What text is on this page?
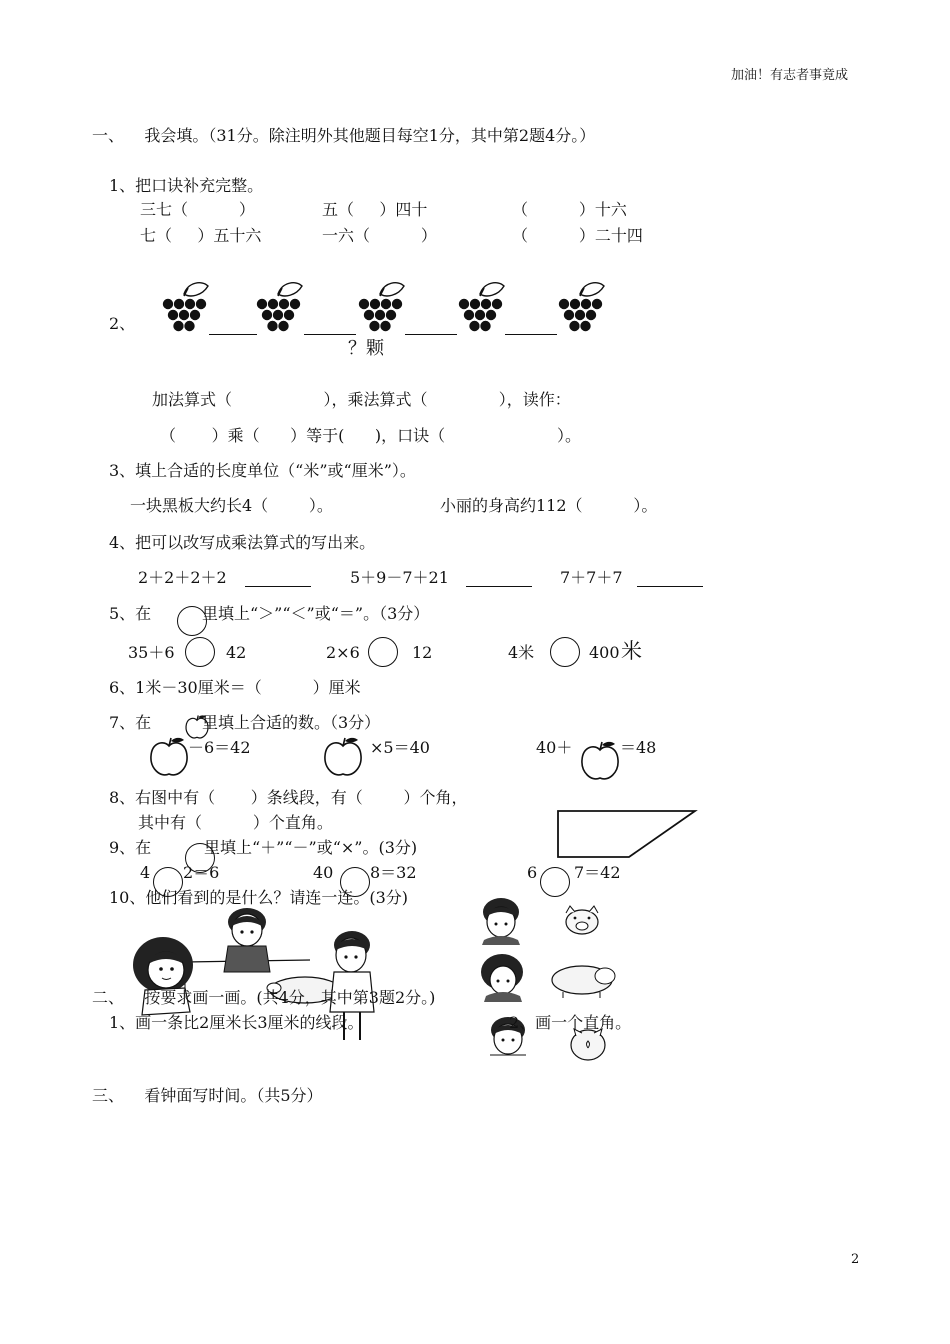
加油！有志者事竟成
一、    我会填。（31分。除注明外其他题目每空1分，其中第2题4分。）
1、把口诀补充完整。
三七（          ）	五（     ）四十	（          ）十六
七（     ）五十六	一六（          ）	（          ）二十四
2、
？颗
加法算式（                  ），乘法算式（              ），读作：
（       ）乘（      ）等于(      )，口诀（                      ）。
3、填上合适的长度单位（“米”或“厘米”）。
一块黑板大约长4（        ）。	小丽的身高约112（          ）。
4、把可以改写成乘法算式的写出来。
2＋2＋2＋2	5＋9－7＋21	7＋7＋7
5、在	里填上“＞”“＜”或“＝”。（3分）
35＋6	42	2×6	12	4米	400 米
6、1米－30厘米＝（          ）厘米
7、在	里填上合适的数。（3分）
－6＝42	×5＝40	40＋	＝48
8、右图中有（       ）条线段，有（        ）个角，
其中有（          ）个直角。
9、在	里填上“＋”“－”或“×”。(3分)
4 2＝6	40 8＝32	6 7＝42
10、他们看到的是什么？请连一连。(3分)
二、    按要求画一画。(共4分，其中第3题2分。)
1、画一条比2厘米长3厘米的线段。	2、画一个直角。
三、    看钟面写时间。（共5分）
2
